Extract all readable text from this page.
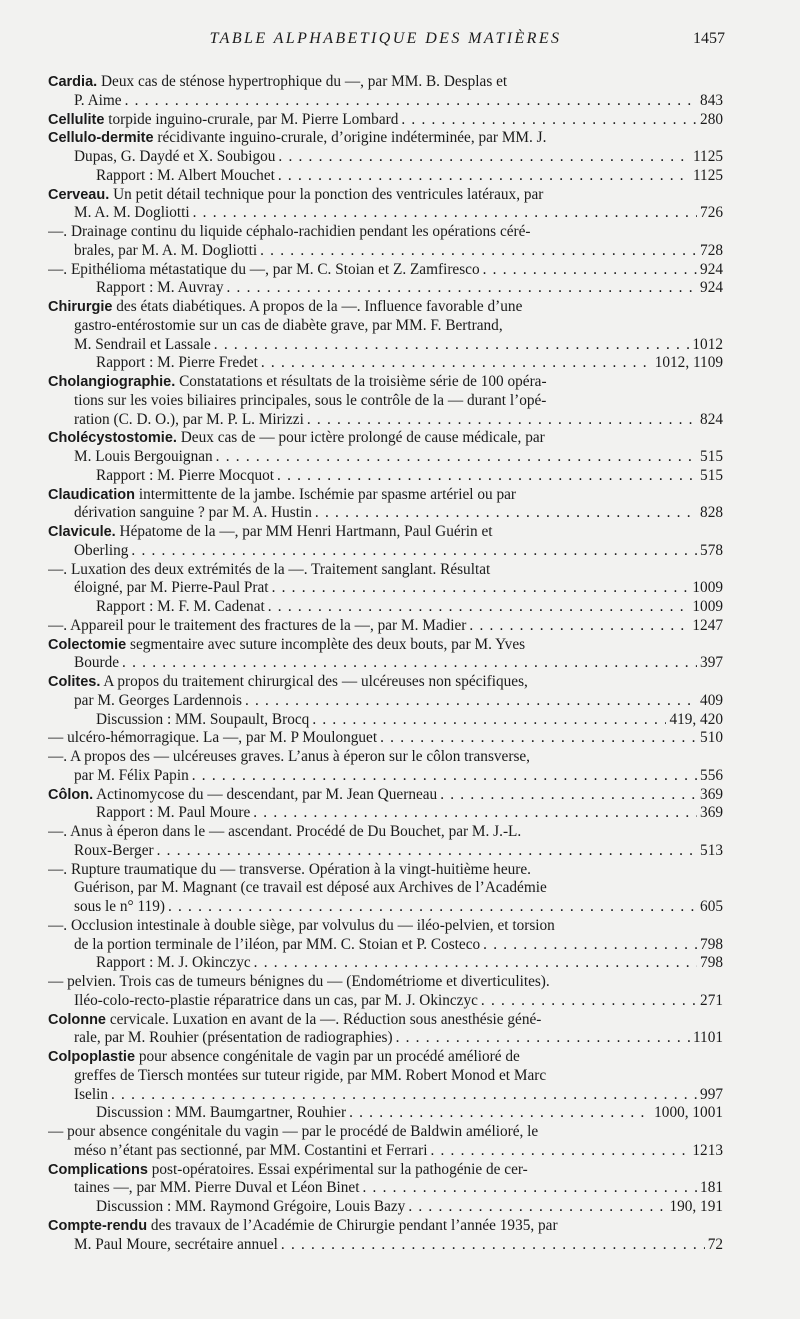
TABLE ALPHABETIQUE DES MATIÈRES	1457
Cardia. Deux cas de sténose hypertrophique du —, par MM. B. Desplas et
P. Aime . . .	843
Cellulite torpide inguino-crurale, par M. Pierre Lombard . . .	280
Cellulo-dermite récidivante inguino-crurale, d’origine indéterminée, par MM. J.
Dupas, G. Daydé et X. Soubigou . . .	1125
Rapport : M. Albert Mouchet . . .	1125
Cerveau. Un petit détail technique pour la ponction des ventricules latéraux, par
M. A. M. Dogliotti . . .	726
—. Drainage continu du liquide céphalo-rachidien pendant les opérations céré-
brales, par M. A. M. Dogliotti . . .	728
—. Epithélioma métastatique du —, par M. C. Stoian et Z. Zamfiresco . . .	924
Rapport : M. Auvray . . .	924
Chirurgie des états diabétiques. A propos de la —. Influence favorable d’une
gastro-entérostomie sur un cas de diabète grave, par MM. F. Bertrand,
M. Sendrail et Lassale . . .	1012
Rapport : M. Pierre Fredet . . .	1012, 1109
Cholangiographie. Constatations et résultats de la troisième série de 100 opéra-
tions sur les voies biliaires principales, sous le contrôle de la — durant l’opé-
ration (C. D. O.), par M. P. L. Mirizzi . . .	824
Cholécystostomie. Deux cas de — pour ictère prolongé de cause médicale, par
M. Louis Bergouignan . . .	515
Rapport : M. Pierre Mocquot . . .	515
Claudication intermittente de la jambe. Ischémie par spasme artériel ou par
dérivation sanguine ? par M. A. Hustin . . .	828
Clavicule. Hépatome de la —, par MM Henri Hartmann, Paul Guérin et
Oberling . . .	578
—. Luxation des deux extrémités de la —. Traitement sanglant. Résultat
éloigné, par M. Pierre-Paul Prat . . .	1009
Rapport : M. F. M. Cadenat . . .	1009
—. Appareil pour le traitement des fractures de la —, par M. Madier . . .	1247
Colectomie segmentaire avec suture incomplète des deux bouts, par M. Yves
Bourde . . .	397
Colites. A propos du traitement chirurgical des — ulcéreuses non spécifiques,
par M. Georges Lardennois . . .	409
Discussion : MM. Soupault, Brocq . . .	419, 420
— ulcéro-hémorragique. La —, par M. P Moulonguet . . .	510
—. A propos des — ulcéreuses graves. L’anus à éperon sur le côlon transverse,
par M. Félix Papin . . .	556
Côlon. Actinomycose du — descendant, par M. Jean Querneau . . .	369
Rapport : M. Paul Moure . . .	369
—. Anus à éperon dans le — ascendant. Procédé de Du Bouchet, par M. J.-L.
Roux-Berger . . .	513
—. Rupture traumatique du — transverse. Opération à la vingt-huitième heure.
Guérison, par M. Magnant (ce travail est déposé aux Archives de l’Académie
sous le n° 119) . . .	605
—. Occlusion intestinale à double siège, par volvulus du — iléo-pelvien, et torsion
de la portion terminale de l’iléon, par MM. C. Stoian et P. Costeco . . .	798
Rapport : M. J. Okinczyc . . .	798
— pelvien. Trois cas de tumeurs bénignes du — (Endométriome et diverticulites).
Iléo-colo-recto-plastie réparatrice dans un cas, par M. J. Okinczyc . . .	271
Colonne cervicale. Luxation en avant de la —. Réduction sous anesthésie géné-
rale, par M. Rouhier (présentation de radiographies) . . .	1101
Colpoplastie pour absence congénitale de vagin par un procédé amélioré de
greffes de Tiersch montées sur tuteur rigide, par MM. Robert Monod et Marc
Iselin . . .	997
Discussion : MM. Baumgartner, Rouhier . . .	1000, 1001
— pour absence congénitale du vagin — par le procédé de Baldwin amélioré, le
méso n’étant pas sectionné, par MM. Costantini et Ferrari . . .	1213
Complications post-opératoires. Essai expérimental sur la pathogénie de cer-
taines —, par MM. Pierre Duval et Léon Binet . . .	181
Discussion : MM. Raymond Grégoire, Louis Bazy . . .	190, 191
Compte-rendu des travaux de l’Académie de Chirurgie pendant l’année 1935, par
M. Paul Moure, secrétaire annuel . . .	72
